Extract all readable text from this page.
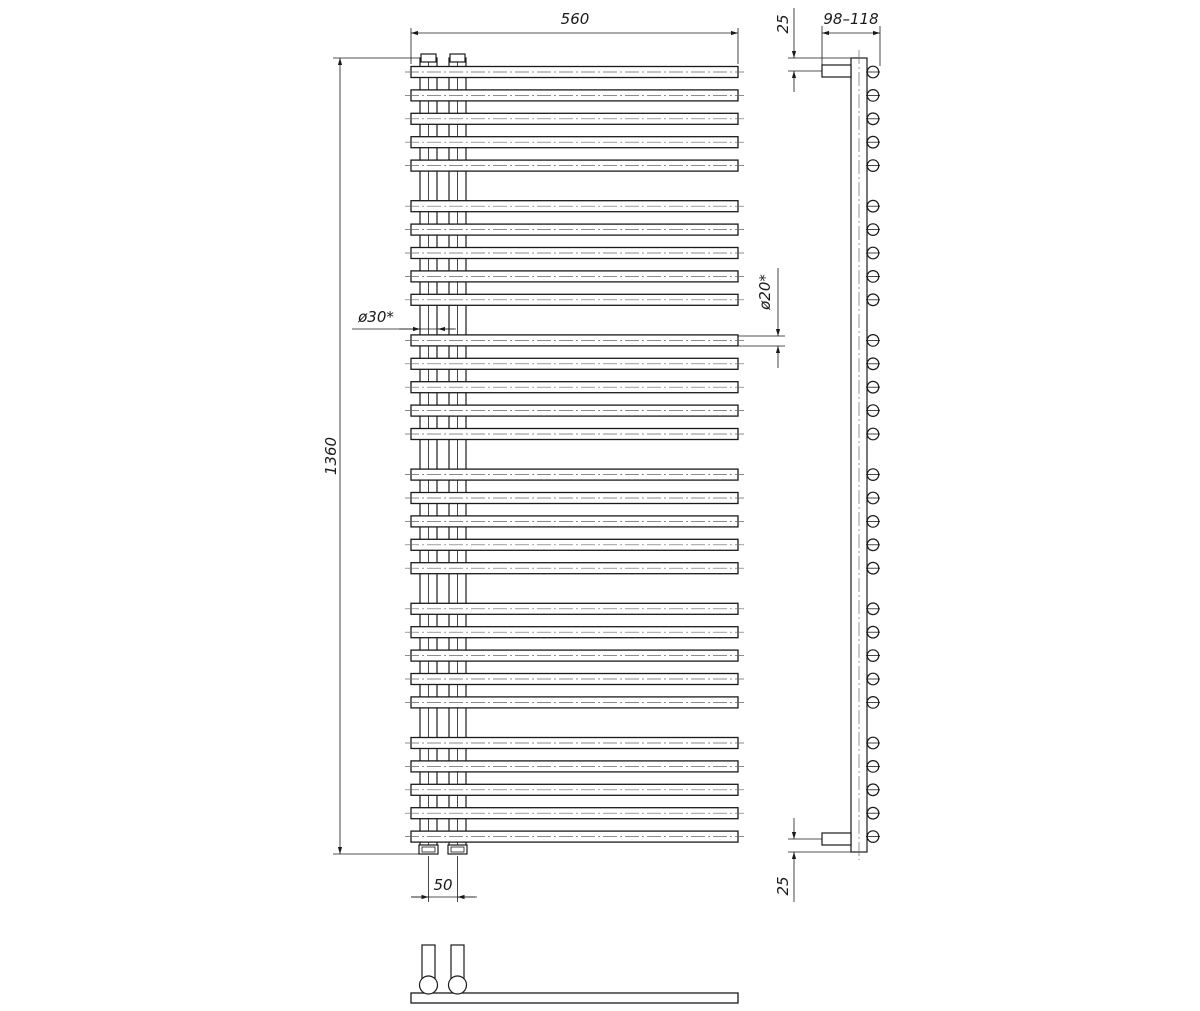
560
1360
ø30*
ø20*
50
25
25
98–118
